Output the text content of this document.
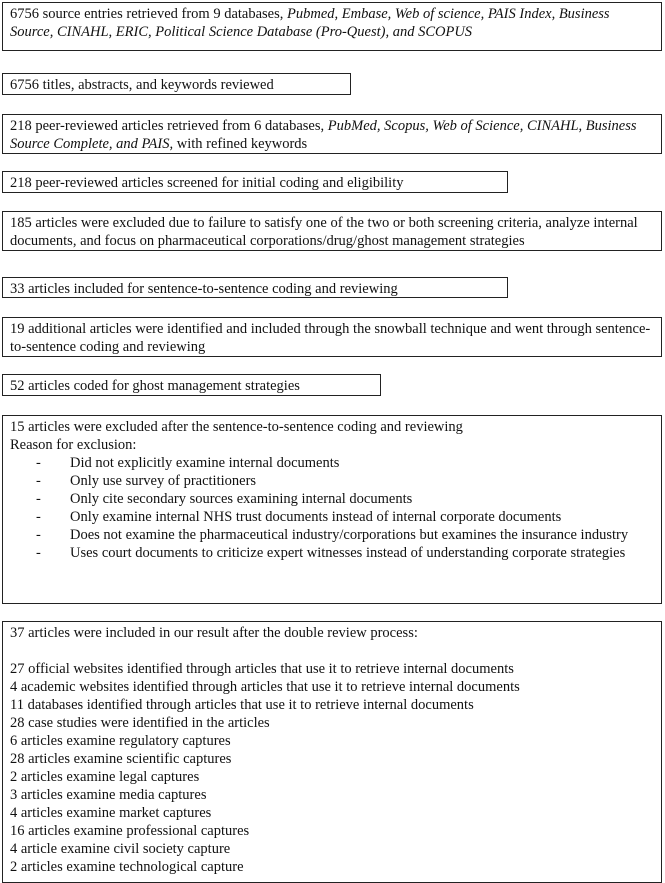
6756 source entries retrieved from 9 databases, Pubmed, Embase, Web of science, PAIS Index, Business Source, CINAHL, ERIC, Political Science Database (Pro-Quest), and SCOPUS

6756 titles, abstracts, and keywords reviewed

218 peer-reviewed articles retrieved from 6 databases, PubMed, Scopus, Web of Science, CINAHL, Business Source Complete, and PAIS, with refined keywords

218 peer-reviewed articles screened for initial coding and eligibility

185 articles were excluded due to failure to satisfy one of the two or both screening criteria, analyze internal documents, and focus on pharmaceutical corporations/drug/ghost management strategies

33 articles included for sentence-to-sentence coding and reviewing

19 additional articles were identified and included through the snowball technique and went through sentence-to-sentence coding and reviewing

52 articles coded for ghost management strategies

15 articles were excluded after the sentence-to-sentence coding and reviewing

Reason for exclusion:

- Did not explicitly examine internal documents
- Only use survey of practitioners
- Only cite secondary sources examining internal documents
- Only examine internal NHS trust documents instead of internal corporate documents
- Does not examine the pharmaceutical industry/corporations but examines the insurance industry
- Uses court documents to criticize expert witnesses instead of understanding corporate strategies

37 articles were included in our result after the double review process:

27 official websites identified through articles that use it to retrieve internal documents

4 academic websites identified through articles that use it to retrieve internal documents

11 databases identified through articles that use it to retrieve internal documents

28 case studies were identified in the articles

6 articles examine regulatory captures

28 articles examine scientific captures

2 articles examine legal captures

3 articles examine media captures

4 articles examine market captures

16 articles examine professional captures

4 article examine civil society capture

2 articles examine technological capture
